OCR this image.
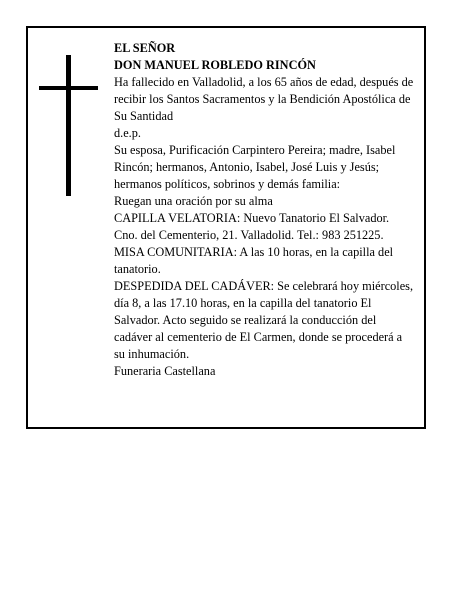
EL SEÑOR

DON MANUEL ROBLEDO RINCÓN

Ha fallecido en Valladolid, a los 65 años de edad, después de recibir los Santos Sacramentos y la Bendición Apostólica de Su Santidad

d.e.p.

Su esposa, Purificación Carpintero Pereira; madre, Isabel Rincón; hermanos, Antonio, Isabel, José Luis y Jesús; hermanos políticos, sobrinos y demás familia:

Ruegan una oración por su alma

CAPILLA VELATORIA: Nuevo Tanatorio El Salvador. Cno. del Cementerio, 21. Valladolid. Tel.: 983 251225. MISA COMUNITARIA: A las 10 horas, en la capilla del tanatorio.

DESPEDIDA DEL CADÁVER: Se celebrará hoy miércoles, día 8, a las 17.10 horas, en la capilla del tanatorio El Salvador. Acto seguido se realizará la conducción del cadáver al cementerio de El Carmen, donde se procederá a su inhumación.

Funeraria Castellana
